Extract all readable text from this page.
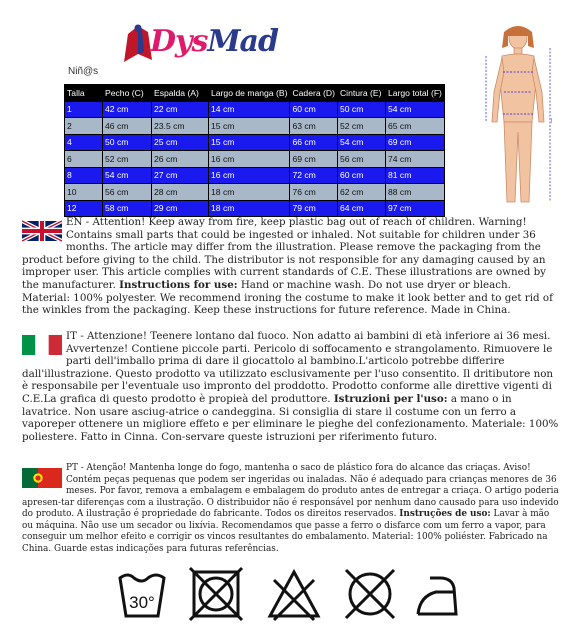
DysMad
Niñ@s
Talla	Pecho (C)	Espalda (A)	Largo de manga (B)	Cadera (D)	Cintura (E)	Largo total (F)
1	42 cm	22 cm	14 cm	60 cm	50 cm	54 cm
2	46 cm	23.5 cm	15 cm	63 cm	52 cm	65 cm
4	50 cm	25 cm	15 cm	66 cm	54 cm	69 cm
6	52 cm	26 cm	16 cm	69 cm	56 cm	74 cm
8	54 cm	27 cm	16 cm	72 cm	60 cm	81 cm
10	56 cm	28 cm	18 cm	76 cm	62 cm	88 cm
12	58 cm	29 cm	18 cm	79 cm	64 cm	97 cm
|
EN - Attention! Keep away from fire, keep plastic bag out of reach of children. Warning! Contains small parts that could be ingested or inhaled. Not suitable for children under 36 months. The article may differ from the illustration. Please remove the packaging from the product before giving to the child. The distributor is not responsible for any damaging caused by an improper user. This article complies with current standards of C.E. These illustrations are owned by the manufacturer. Instructions for use: Hand or machine wash. Do not use dryer or bleach. Material: 100% polyester. We recommend ironing the costume to make it look better and to get rid of the winkles from the packaging. Keep these instructions for future reference. Made in China.
IT - Attenzione! Teenere lontano dal fuoco. Non adatto ai bambini di età inferiore ai 36 mesi. Avvertenze! Contiene piccole parti. Pericolo di soffocamento e strangolamento. Rimuovere le parti dell'imballo prima di dare il giocattolo al bambino.L'articolo potrebbe differire dall'illustrazione. Questo prodotto va utilizzato esclusivamente per l'uso consentito. Il dritibutore non è responsabile per l'eventuale uso impronto del proddotto. Prodotto conforme alle direttive vigenti di C.E.La grafica di questo prodotto è propieà del produttore. Istruzioni per l'uso: a mano o in lavatrice. Non usare asciug-atrice o candeggina. Si consiglia di stare il costume con un ferro a vaporeper ottenere un migliore effeto e per eliminare le pieghe del confezionamento. Materiale: 100% poliestere. Fatto in Cinna. Con-servare queste istruzioni per riferimento futuro.
PT - Atenção! Mantenha longe do fogo, mantenha o saco de plástico fora do alcance das criaças. Aviso! Contém peças pequenas que podem ser ingeridas ou inaladas. Não é adequado para crianças menores de 36 meses. Por favor, remova a embalagem e embalagem do produto antes de entregar a criaça. O artigo poderia apresen-tar diferenças com a ilustração. O distribuidor não é responsável por nenhum dano causado para uso indevido do produto. A ilustração é propriedade do fabricante. Todos os direitos reservados. Instruções de uso: Lavar à mão ou máquina. Não use um secador ou lixívia. Recomendamos que passe a ferro o disfarce com um ferro a vapor, para conseguir um melhor efeito e corrigir os vincos resultantes do embalamento. Material: 100% poliéster. Fabricado na China. Guarde estas indicações para futuras referências.
30°
